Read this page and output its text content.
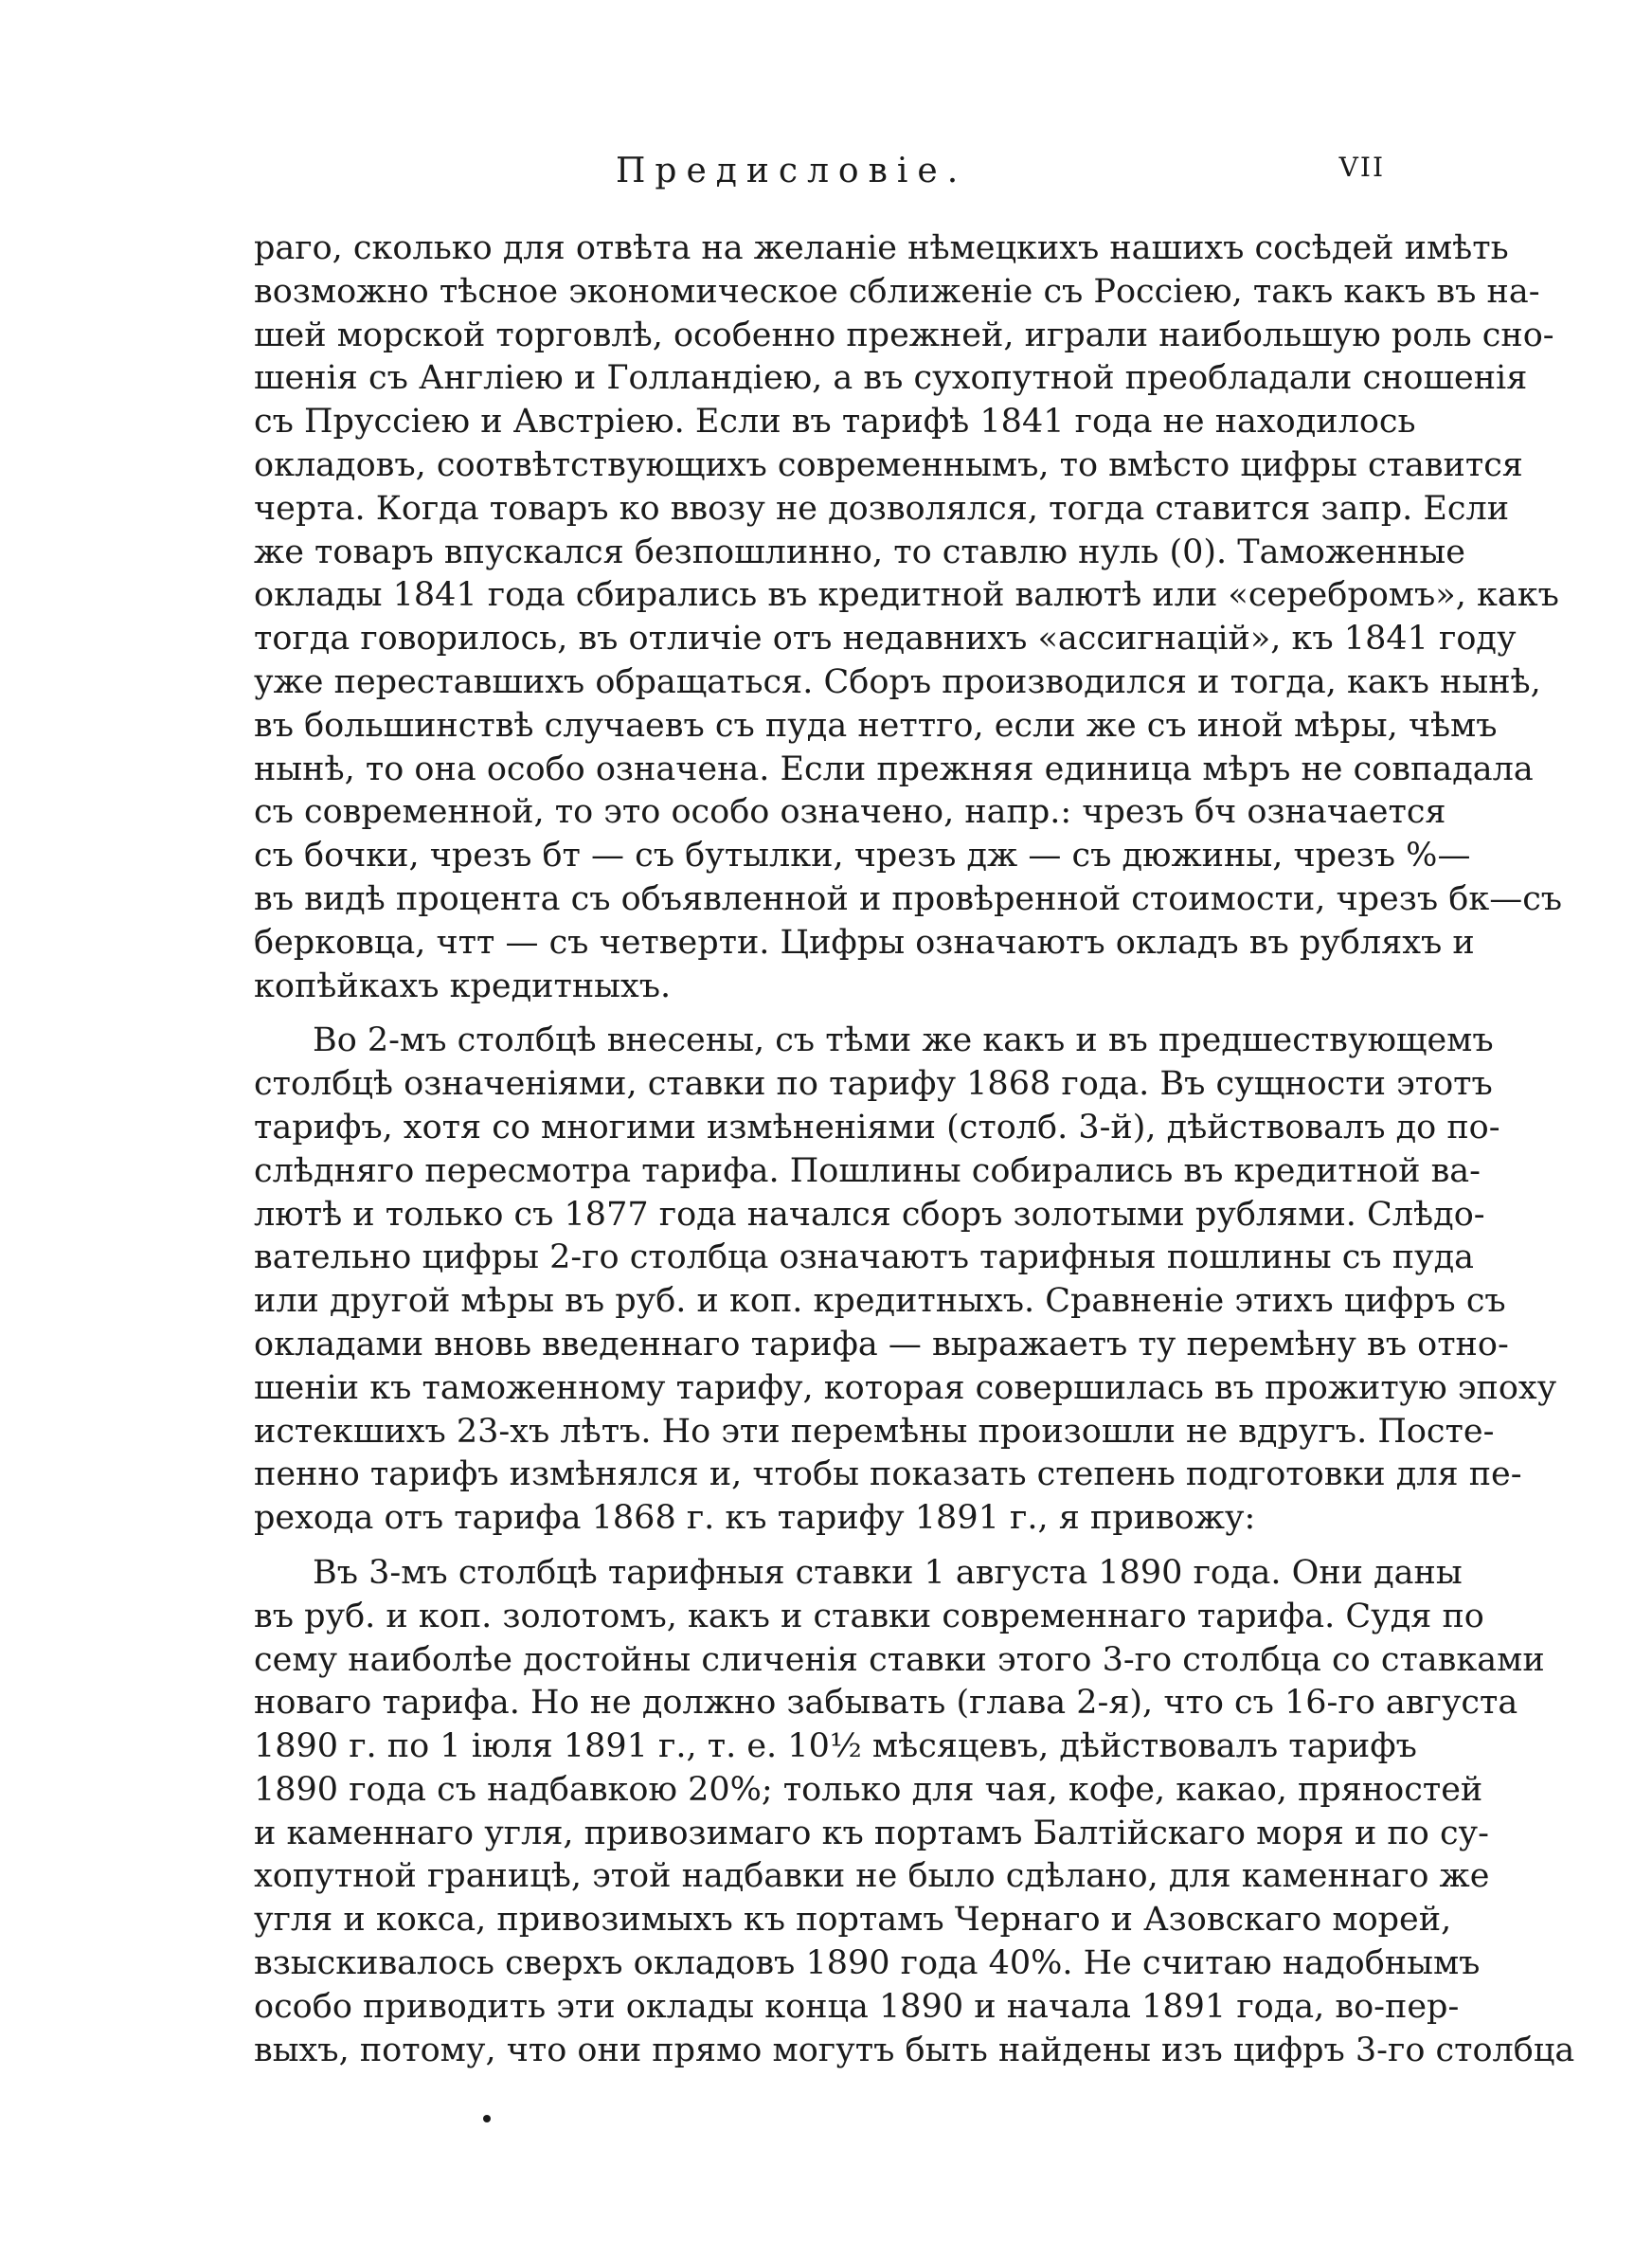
Предисловіе.	VII
раго, сколько для отвѣта на желаніе нѣмецкихъ нашихъ сосѣдей имѣть
возможно тѣсное экономическое сближеніе съ Россіею, такъ какъ въ на-
шей морской торговлѣ, особенно прежней, играли наибольшую роль сно-
шенія съ Англіею и Голландіею, а въ сухопутной преобладали сношенія
съ Пруссіею и Австріею. Если въ тарифѣ 1841 года не находилось
окладовъ, соотвѣтствующихъ современнымъ, то вмѣсто цифры ставится
черта. Когда товаръ ко ввозу не дозволялся, тогда ставится запр. Если
же товаръ впускался безпошлинно, то ставлю нуль (0). Таможенные
оклады 1841 года сбирались въ кредитной валютѣ или «серебромъ», какъ
тогда говорилось, въ отличіе отъ недавнихъ «ассигнацій», къ 1841 году
уже переставшихъ обращаться. Сборъ производился и тогда, какъ нынѣ,
въ большинствѣ случаевъ съ пуда неттго, если же съ иной мѣры, чѣмъ
нынѣ, то она особо означена. Если прежняя единица мѣръ не совпадала
съ современной, то это особо означено, напр.: чрезъ бч означается
съ бочки, чрезъ бт — съ бутылки, чрезъ дж — съ дюжины, чрезъ %—
въ видѣ процента съ объявленной и провѣренной стоимости, чрезъ бк—съ
берковца, чтт — съ четверти. Цифры означаютъ окладъ въ рубляхъ и
копѣйкахъ кредитныхъ.
Во 2-мъ столбцѣ внесены, съ тѣми же какъ и въ предшествующемъ
столбцѣ означеніями, ставки по тарифу 1868 года. Въ сущности этотъ
тарифъ, хотя со многими измѣненіями (столб. 3-й), дѣйствовалъ до по-
слѣдняго пересмотра тарифа. Пошлины собирались въ кредитной ва-
лютѣ и только съ 1877 года начался сборъ золотыми рублями. Слѣдо-
вательно цифры 2-го столбца означаютъ тарифныя пошлины съ пуда
или другой мѣры въ руб. и коп. кредитныхъ. Сравненіе этихъ цифръ съ
окладами вновь введеннаго тарифа — выражаетъ ту перемѣну въ отно-
шеніи къ таможенному тарифу, которая совершилась въ прожитую эпоху
истекшихъ 23-хъ лѣтъ. Но эти перемѣны произошли не вдругъ. Посте-
пенно тарифъ измѣнялся и, чтобы показать степень подготовки для пе-
рехода отъ тарифа 1868 г. къ тарифу 1891 г., я привожу:
Въ 3-мъ столбцѣ тарифныя ставки 1 августа 1890 года. Они даны
въ руб. и коп. золотомъ, какъ и ставки современнаго тарифа. Судя по
сему наиболѣе достойны сличенія ставки этого 3-го столбца со ставками
новаго тарифа. Но не должно забывать (глава 2-я), что съ 16-го августа
1890 г. по 1 іюля 1891 г., т. е. 10½ мѣсяцевъ, дѣйствовалъ тарифъ
1890 года съ надбавкою 20%; только для чая, кофе, какао, пряностей
и каменнаго угля, привозимаго къ портамъ Балтійскаго моря и по су-
хопутной границѣ, этой надбавки не было сдѣлано, для каменнаго же
угля и кокса, привозимыхъ къ портамъ Чернаго и Азовскаго морей,
взыскивалось сверхъ окладовъ 1890 года 40%. Не считаю надобнымъ
особо приводить эти оклады конца 1890 и начала 1891 года, во-пер-
выхъ, потому, что они прямо могутъ быть найдены изъ цифръ 3-го столбца
